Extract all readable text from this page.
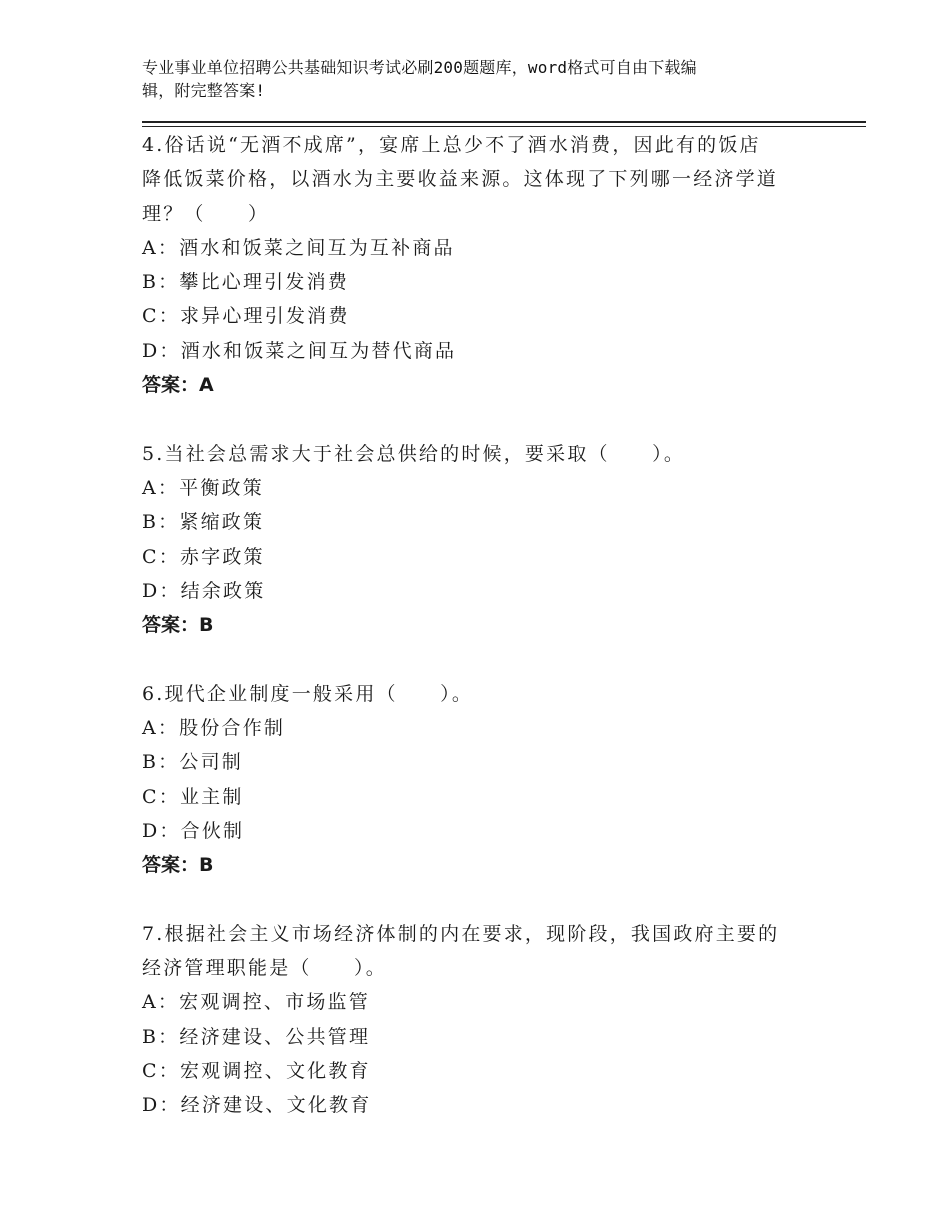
专业事业单位招聘公共基础知识考试必刷200题题库，word格式可自由下载编
辑，附完整答案!
4.俗话说“无酒不成席”，宴席上总少不了酒水消费，因此有的饭店
降低饭菜价格，以酒水为主要收益来源。这体现了下列哪一经济学道
理？（　　）
A：酒水和饭菜之间互为互补商品
B：攀比心理引发消费
C：求异心理引发消费
D：酒水和饭菜之间互为替代商品
答案：A
5.当社会总需求大于社会总供给的时候，要采取（　　）。
A：平衡政策
B：紧缩政策
C：赤字政策
D：结余政策
答案：B
6.现代企业制度一般采用（　　）。
A：股份合作制
B：公司制
C：业主制
D：合伙制
答案：B
7.根据社会主义市场经济体制的内在要求，现阶段，我国政府主要的
经济管理职能是（　　）。
A：宏观调控、市场监管
B：经济建设、公共管理
C：宏观调控、文化教育
D：经济建设、文化教育
